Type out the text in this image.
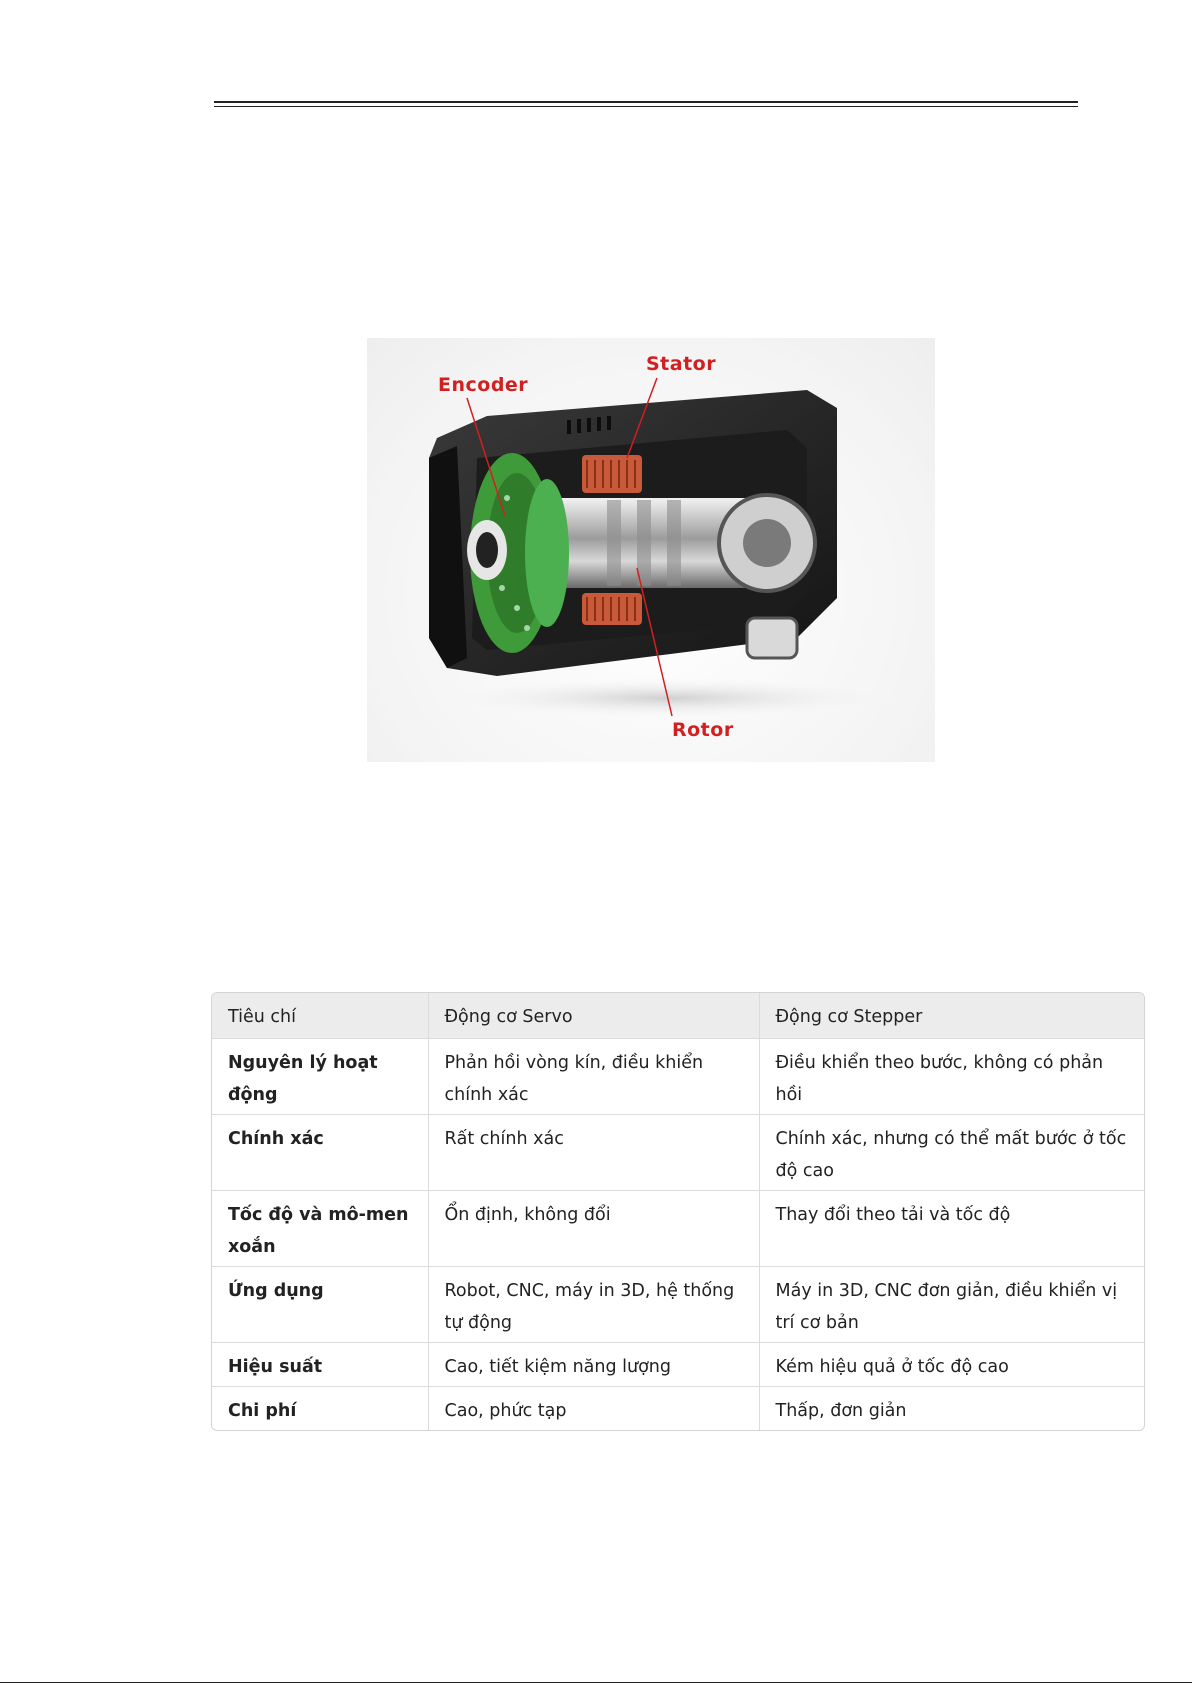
Encoder
Stator
Rotor
Tiêu chí	Động cơ Servo	Động cơ Stepper
Nguyên lý hoạt động	Phản hồi vòng kín, điều khiển chính xác	Điều khiển theo bước, không có phản hồi
Chính xác	Rất chính xác	Chính xác, nhưng có thể mất bước ở tốc độ cao
Tốc độ và mô-men xoắn	Ổn định, không đổi	Thay đổi theo tải và tốc độ
Ứng dụng	Robot, CNC, máy in 3D, hệ thống tự động	Máy in 3D, CNC đơn giản, điều khiển vị trí cơ bản
Hiệu suất	Cao, tiết kiệm năng lượng	Kém hiệu quả ở tốc độ cao
Chi phí	Cao, phức tạp	Thấp, đơn giản
